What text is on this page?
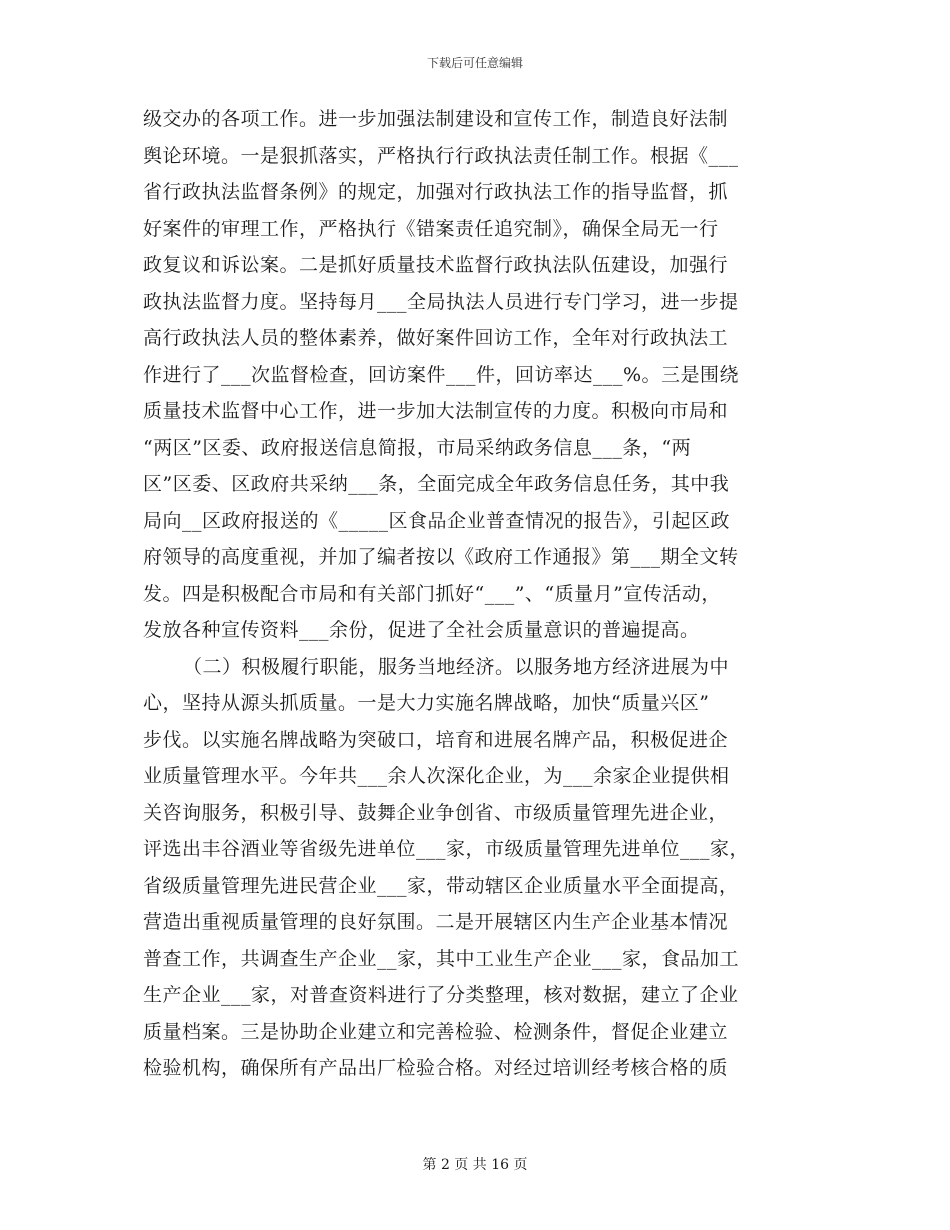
下载后可任意编辑
级交办的各项工作。进一步加强法制建设和宣传工作，制造良好法制
舆论环境。一是狠抓落实，严格执行行政执法责任制工作。根据《___
省行政执法监督条例》的规定，加强对行政执法工作的指导监督，抓
好案件的审理工作，严格执行《错案责任追究制》，确保全局无一行
政复议和诉讼案。二是抓好质量技术监督行政执法队伍建设，加强行
政执法监督力度。坚持每月___全局执法人员进行专门学习，进一步提
高行政执法人员的整体素养，做好案件回访工作，全年对行政执法工
作进行了___次监督检查，回访案件___件，回访率达___%。三是围绕
质量技术监督中心工作，进一步加大法制宣传的力度。积极向市局和
“两区”区委、政府报送信息简报，市局采纳政务信息___条，“两
区”区委、区政府共采纳___条，全面完成全年政务信息任务，其中我
局向__区政府报送的《_____区食品企业普查情况的报告》，引起区政
府领导的高度重视，并加了编者按以《政府工作通报》第___期全文转
发。四是积极配合市局和有关部门抓好“___”、“质量月”宣传活动，
发放各种宣传资料___余份，促进了全社会质量意识的普遍提高。
（二）积极履行职能，服务当地经济。以服务地方经济进展为中
心，坚持从源头抓质量。一是大力实施名牌战略，加快“质量兴区”
步伐。以实施名牌战略为突破口，培育和进展名牌产品，积极促进企
业质量管理水平。今年共___余人次深化企业，为___余家企业提供相
关咨询服务，积极引导、鼓舞企业争创省、市级质量管理先进企业，
评选出丰谷酒业等省级先进单位___家，市级质量管理先进单位___家，
省级质量管理先进民营企业___家，带动辖区企业质量水平全面提高，
营造出重视质量管理的良好氛围。二是开展辖区内生产企业基本情况
普查工作，共调查生产企业__家，其中工业生产企业___家，食品加工
生产企业___家，对普查资料进行了分类整理，核对数据，建立了企业
质量档案。三是协助企业建立和完善检验、检测条件，督促企业建立
检验机构，确保所有产品出厂检验合格。对经过培训经考核合格的质
第 2 页 共 16 页
